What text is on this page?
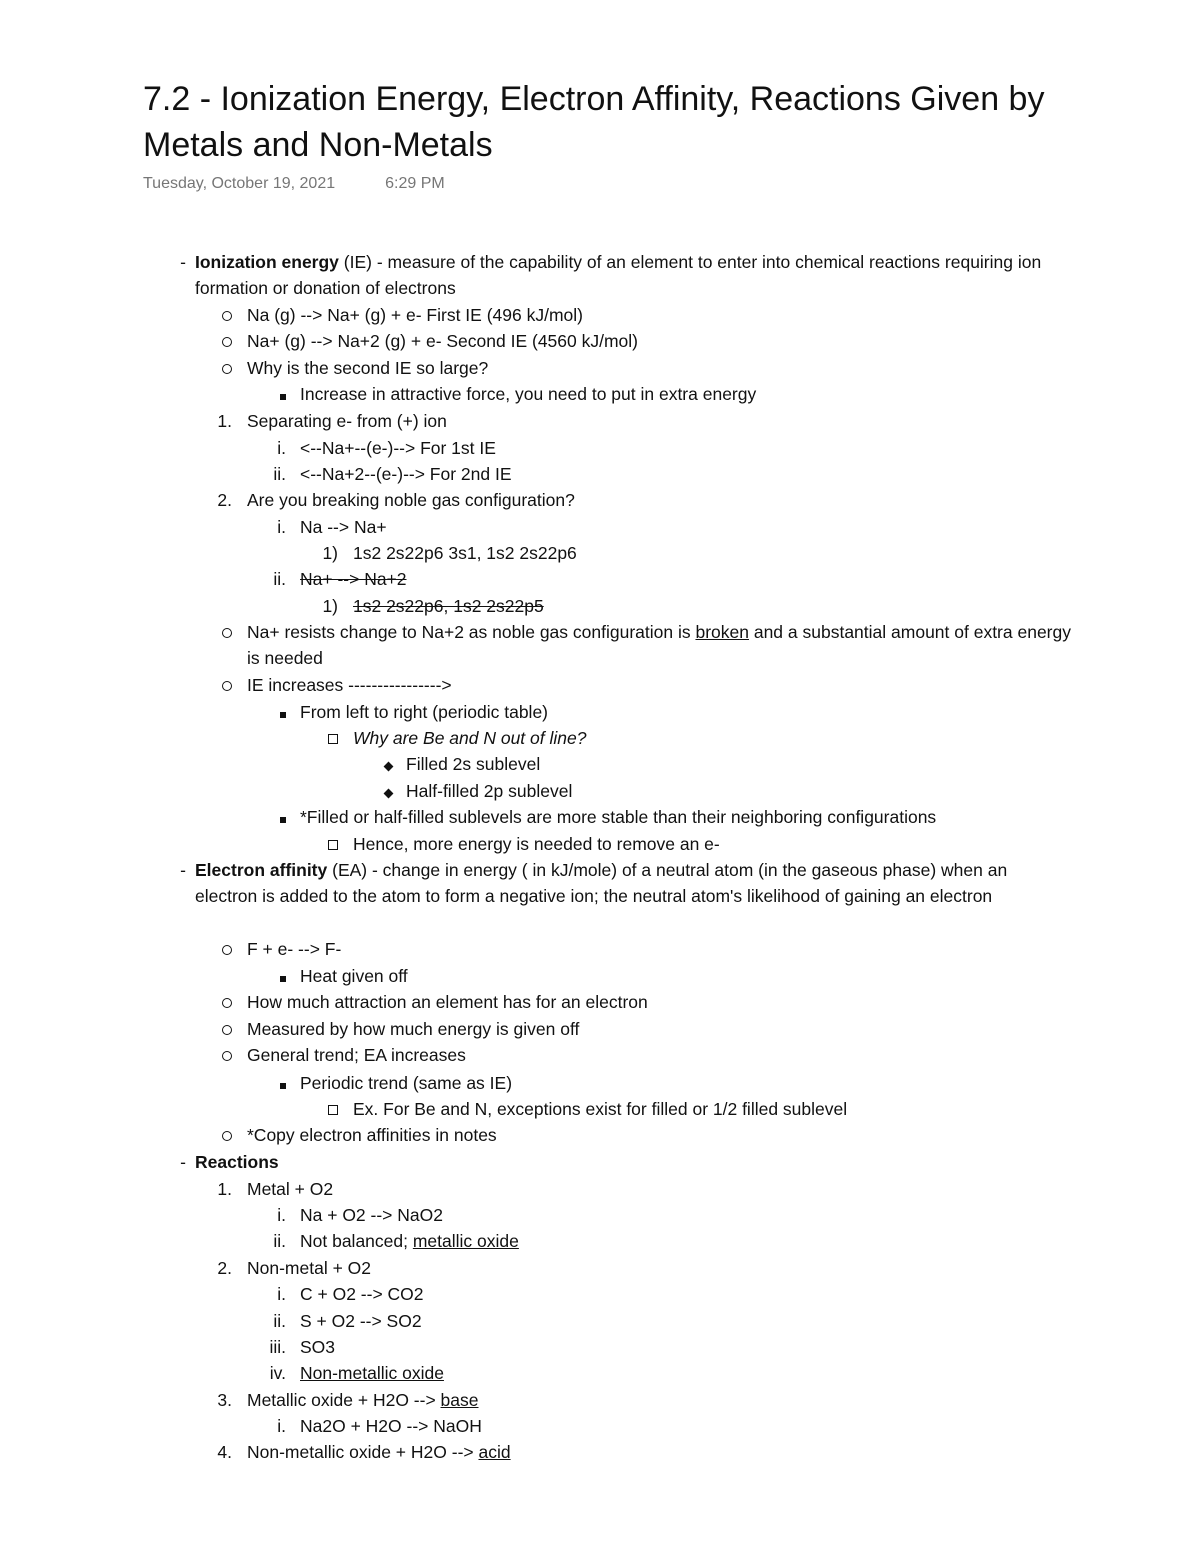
7.2 - Ionization Energy, Electron Affinity, Reactions Given by Metals and Non-Metals
Tuesday, October 19, 2021	6:29 PM
- Ionization energy (IE) - measure of the capability of an element to enter into chemical reactions requiring ion formation or donation of electrons
Na (g) --> Na+ (g) + e- First IE (496 kJ/mol)
Na+ (g) --> Na+2 (g) + e- Second IE (4560 kJ/mol)
Why is the second IE so large?
Increase in attractive force, you need to put in extra energy
1. Separating e- from (+) ion
i. <--Na+--(e-)--> For 1st IE
ii. <--Na+2--(e-)--> For 2nd IE
2. Are you breaking noble gas configuration?
i. Na --> Na+
1) 1s2 2s22p6 3s1, 1s2 2s22p6
ii. Na+ --> Na+2
1) 1s2 2s22p6, 1s2 2s22p5
Na+ resists change to Na+2 as noble gas configuration is broken and a substantial amount of extra energy is needed
IE increases ---------------->
From left to right (periodic table)
Why are Be and N out of line?
Filled 2s sublevel
Half-filled 2p sublevel
*Filled or half-filled sublevels are more stable than their neighboring configurations
Hence, more energy is needed to remove an e-
- Electron affinity (EA) - change in energy ( in kJ/mole) of a neutral atom (in the gaseous phase) when an electron is added to the atom to form a negative ion; the neutral atom's likelihood of gaining an electron
F + e- --> F-
Heat given off
How much attraction an element has for an electron
Measured by how much energy is given off
General trend; EA increases
Periodic trend (same as IE)
Ex. For Be and N, exceptions exist for filled or 1/2 filled sublevel
*Copy electron affinities in notes
- Reactions
1. Metal + O2
i. Na + O2 --> NaO2
ii. Not balanced; metallic oxide
2. Non-metal + O2
i. C + O2 --> CO2
ii. S + O2 --> SO2
iii. SO3
iv. Non-metallic oxide
3. Metallic oxide + H2O --> base
i. Na2O + H2O --> NaOH
4. Non-metallic oxide + H2O --> acid
